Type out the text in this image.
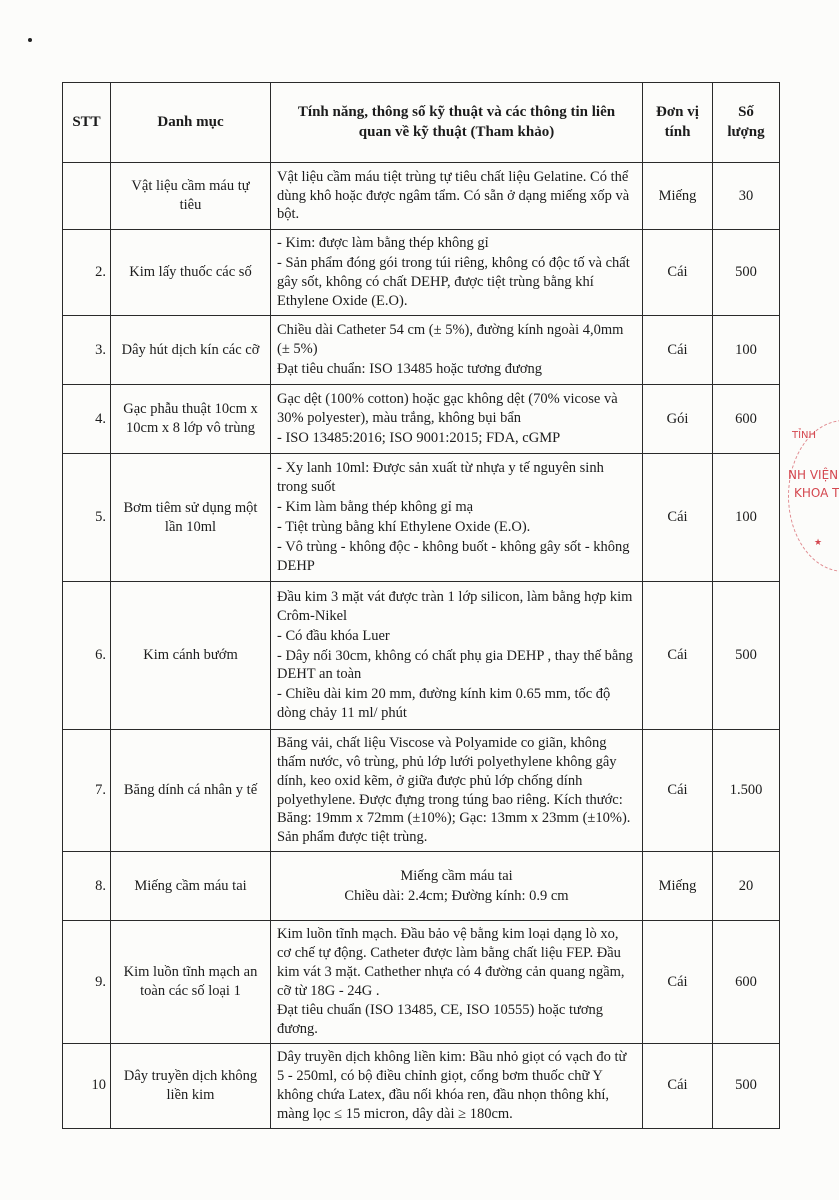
STT	Danh mục	Tính năng, thông số kỹ thuật và các thông tin liên quan về kỹ thuật (Tham khảo)	Đơn vị tính	Số lượng
	Vật liệu cầm máu tự tiêu	Vật liệu cầm máu tiệt trùng tự tiêu chất liệu Gelatine. Có thể dùng khô hoặc được ngâm tẩm. Có sẵn ở dạng miếng xốp và bột.	Miếng	30
2.	Kim lấy thuốc các số	- Kim: được làm bằng thép không gỉ

- Sản phẩm đóng gói trong túi riêng, không có độc tố và chất gây sốt, không có chất DEHP, được tiệt trùng bằng khí Ethylene Oxide (E.O).	Cái	500
3.	Dây hút dịch kín các cỡ	Chiều dài Catheter 54 cm (± 5%), đường kính ngoài 4,0mm (± 5%)

Đạt tiêu chuẩn: ISO 13485 hoặc tương đương	Cái	100
4.	Gạc phẫu thuật 10cm x 10cm x 8 lớp vô trùng	Gạc dệt (100% cotton) hoặc gạc không dệt (70% vicose và 30% polyester), màu trắng, không bụi bẩn

- ISO 13485:2016; ISO 9001:2015; FDA, cGMP	Gói	600
5.	Bơm tiêm sử dụng một lần 10ml	- Xy lanh 10ml: Được sản xuất từ nhựa y tế nguyên sinh trong suốt

- Kim làm bằng thép không gỉ mạ

- Tiệt trùng bằng khí Ethylene Oxide (E.O).

- Vô trùng - không độc - không buốt - không gây sốt - không DEHP	Cái	100
6.	Kim cánh bướm	Đầu kim 3 mặt vát được tràn 1 lớp silicon, làm bằng hợp kim Crôm-Nikel

- Có đầu khóa Luer

- Dây nối 30cm, không có chất phụ gia DEHP , thay thế bằng DEHT an toàn

- Chiều dài kim 20 mm, đường kính kim 0.65 mm, tốc độ dòng chảy 11 ml/ phút	Cái	500
7.	Băng dính cá nhân y tế	Băng vải, chất liệu Viscose và Polyamide co giãn, không thấm nước, vô trùng, phủ lớp lưới polyethylene không gây dính, keo oxid kẽm, ở giữa được phủ lớp chống dính polyethylene. Được đựng trong túng bao riêng. Kích thước: Băng: 19mm x 72mm (±10%); Gạc: 13mm x 23mm (±10%). Sản phẩm được tiệt trùng.	Cái	1.500
8.	Miếng cầm máu tai	Miếng cầm máu tai

Chiều dài: 2.4cm; Đường kính: 0.9 cm	Miếng	20
9.	Kim luồn tĩnh mạch an toàn các số loại 1	Kim luồn tĩnh mạch. Đầu bảo vệ bằng kim loại dạng lò xo, cơ chế tự động. Catheter được làm bằng chất liệu FEP. Đầu kim vát 3 mặt. Cathether nhựa có 4 đường cản quang ngầm, cỡ từ 18G - 24G .

Đạt tiêu chuẩn (ISO 13485, CE, ISO 10555) hoặc tương đương.	Cái	600
10	Dây truyền dịch không liền kim	Dây truyền dịch không liền kim: Bầu nhỏ giọt có vạch đo từ 5 - 250ml, có bộ điều chỉnh giọt, cổng bơm thuốc chữ Y không chứa Latex, đầu nối khóa ren, đầu nhọn thông khí, màng lọc ≤ 15 micron, dây dài ≥ 180cm.	Cái	500
TỈNH
NH VIỆN
KHOA T
★
